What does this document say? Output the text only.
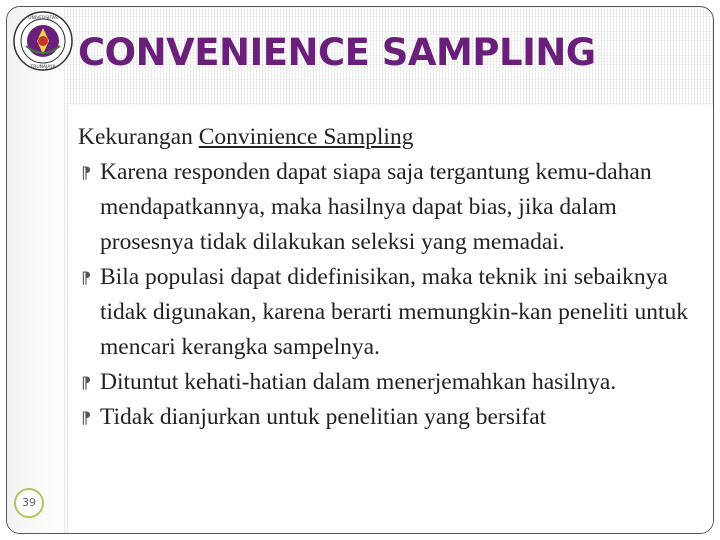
UNIVERSITAS
TRUNAJAYA CONVENIENCE SAMPLING
39
Kekurangan Convinience Sampling
⁋ Karena responden dapat siapa saja tergantung kemu-dahan mendapatkannya, maka hasilnya dapat bias, jika dalam prosesnya tidak dilakukan seleksi yang memadai.
⁋ Bila populasi dapat didefinisikan, maka teknik ini sebaiknya tidak digunakan, karena berarti memungkin-kan peneliti untuk mencari kerangka sampelnya.
⁋ Dituntut kehati-hatian dalam menerjemahkan hasilnya.
⁋ Tidak dianjurkan untuk penelitian yang bersifat
